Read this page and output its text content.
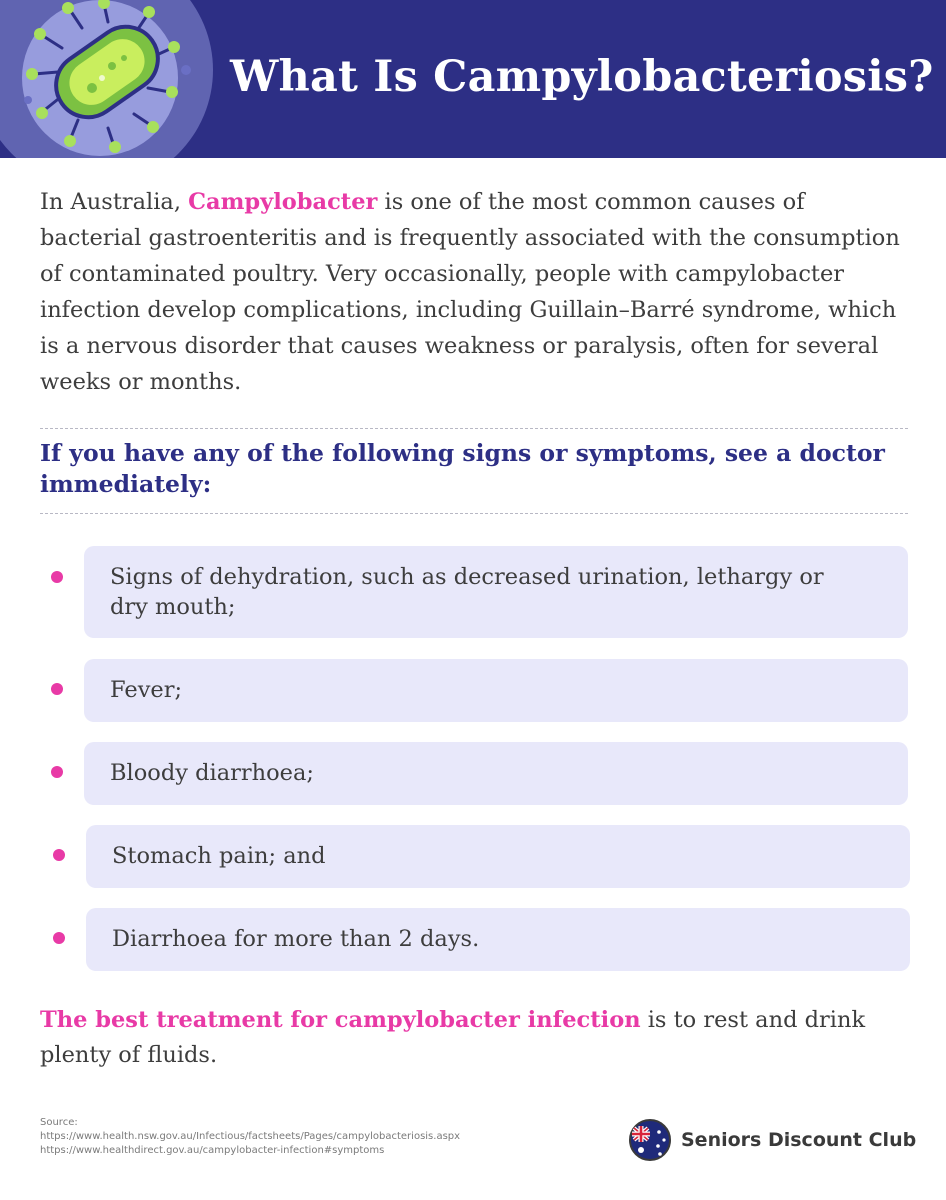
What Is Campylobacteriosis?

In Australia, Campylobacter is one of the most common causes of bacterial gastroenteritis and is frequently associated with the consumption of contaminated poultry. Very occasionally, people with campylobacter infection develop complications, including Guillain–Barré syndrome, which is a nervous disorder that causes weakness or paralysis, often for several weeks or months.

If you have any of the following signs or symptoms, see a doctor immediately:
Signs of dehydration, such as decreased urination, lethargy or dry mouth;
Fever;
Bloody diarrhoea;
Stomach pain; and
Diarrhoea for more than 2 days.

The best treatment for campylobacter infection is to rest and drink plenty of fluids.

Source:
https://www.health.nsw.gov.au/Infectious/factsheets/Pages/campylobacteriosis.aspx
https://www.healthdirect.gov.au/campylobacter-infection#symptoms	Seniors Discount Club
